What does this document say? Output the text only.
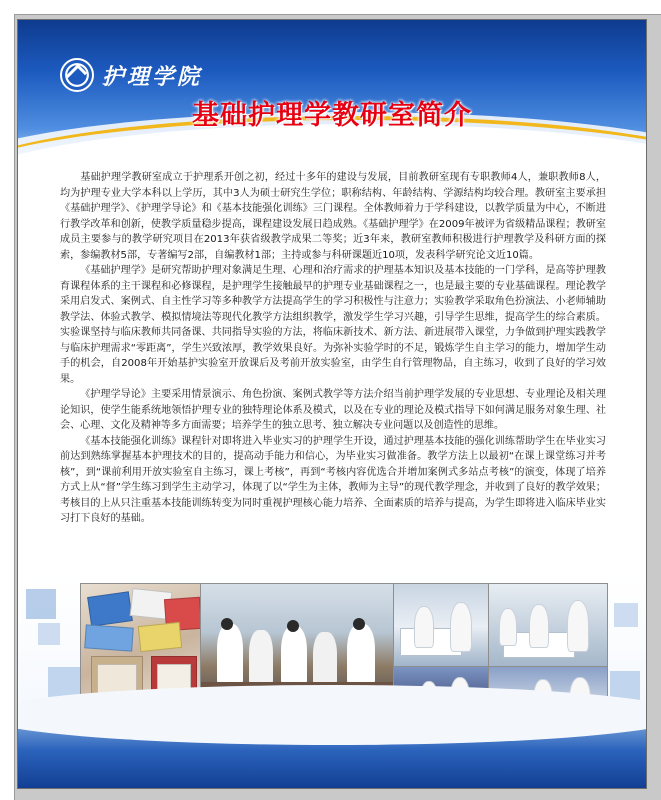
护理学院
基础护理学教研室简介

基础护理学教研室成立于护理系开创之初，经过十多年的建设与发展，目前教研室现有专职教师4人，兼职教师8人，均为护理专业大学本科以上学历，其中3人为硕士研究生学位；职称结构、年龄结构、学源结构均较合理。教研室主要承担《基础护理学》、《护理学导论》和《基本技能强化训练》三门课程。全体教师着力于学科建设，以教学质量为中心，不断进行教学改革和创新，使教学质量稳步提高，课程建设发展日趋成熟。《基础护理学》在2009年被评为省级精品课程；教研室成员主要参与的教学研究项目在2013年获省级教学成果二等奖；近3年来，教研室教师积极进行护理教学及科研方面的探索，参编教材5部，专著编写2部，自编教材1部；主持或参与科研课题近10项，发表科学研究论文近10篇。

《基础护理学》是研究帮助护理对象满足生理、心理和治疗需求的护理基本知识及基本技能的一门学科，是高等护理教育课程体系的主干课程和必修课程，是护理学生接触最早的护理专业基础课程之一，也是最主要的专业基础课程。理论教学采用启发式、案例式、自主性学习等多种教学方法提高学生的学习积极性与注意力；实验教学采取角色扮演法、小老师辅助教学法、体验式教学、模拟情境法等现代化教学方法组织教学，激发学生学习兴趣，引导学生思维，提高学生的综合素质。实验课坚持与临床教师共同备课、共同指导实验的方法，将临床新技术、新方法、新进展带入课堂，力争做到护理实践教学与临床护理需求“零距离”，学生兴致浓厚，教学效果良好。为弥补实验学时的不足，锻炼学生自主学习的能力，增加学生动手的机会，自2008年开始基护实验室开放课后及考前开放实验室，由学生自行管理物品，自主练习，收到了良好的学习效果。

《护理学导论》主要采用情景演示、角色扮演、案例式教学等方法介绍当前护理学发展的专业思想、专业理论及相关理论知识，使学生能系统地领悟护理专业的独特理论体系及模式，以及在专业的理论及模式指导下如何满足服务对象生理、社会、心理、文化及精神等多方面需要；培养学生的独立思考、独立解决专业问题以及创造性的思维。

《基本技能强化训练》课程针对即将进入毕业实习的护理学生开设，通过护理基本技能的强化训练帮助学生在毕业实习前达到熟练掌握基本护理技术的目的，提高动手能力和信心，为毕业实习做准备。教学方法上以最初“在课上课堂练习并考核”，到“课前利用开放实验室自主练习，课上考核”，再到“考核内容优选合并增加案例式多站点考核”的演变，体现了培养方式上从“督”学生练习到学生主动学习，体现了以“学生为主体，教师为主导”的现代教学理念，并收到了良好的教学效果；考核目的上从只注重基本技能训练转变为同时重视护理核心能力培养、全面素质的培养与提高，为学生即将进入临床毕业实习打下良好的基础。
